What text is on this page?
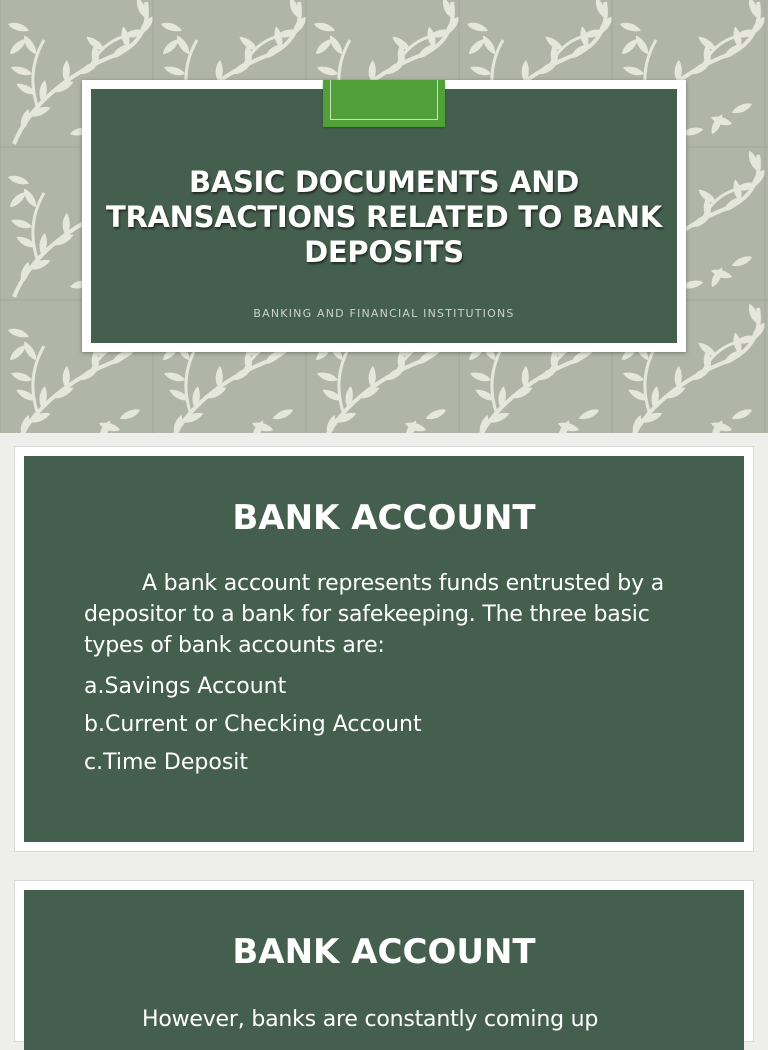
BASIC DOCUMENTS AND TRANSACTIONS RELATED TO BANK DEPOSITS
BANKING AND FINANCIAL INSTITUTIONS
BANK ACCOUNT

A bank account represents funds entrusted by a depositor to a bank for safekeeping. The three basic types of bank accounts are:

a.Savings Account
b.Current or Checking Account
c.Time Deposit
BANK ACCOUNT

However, banks are constantly coming up
